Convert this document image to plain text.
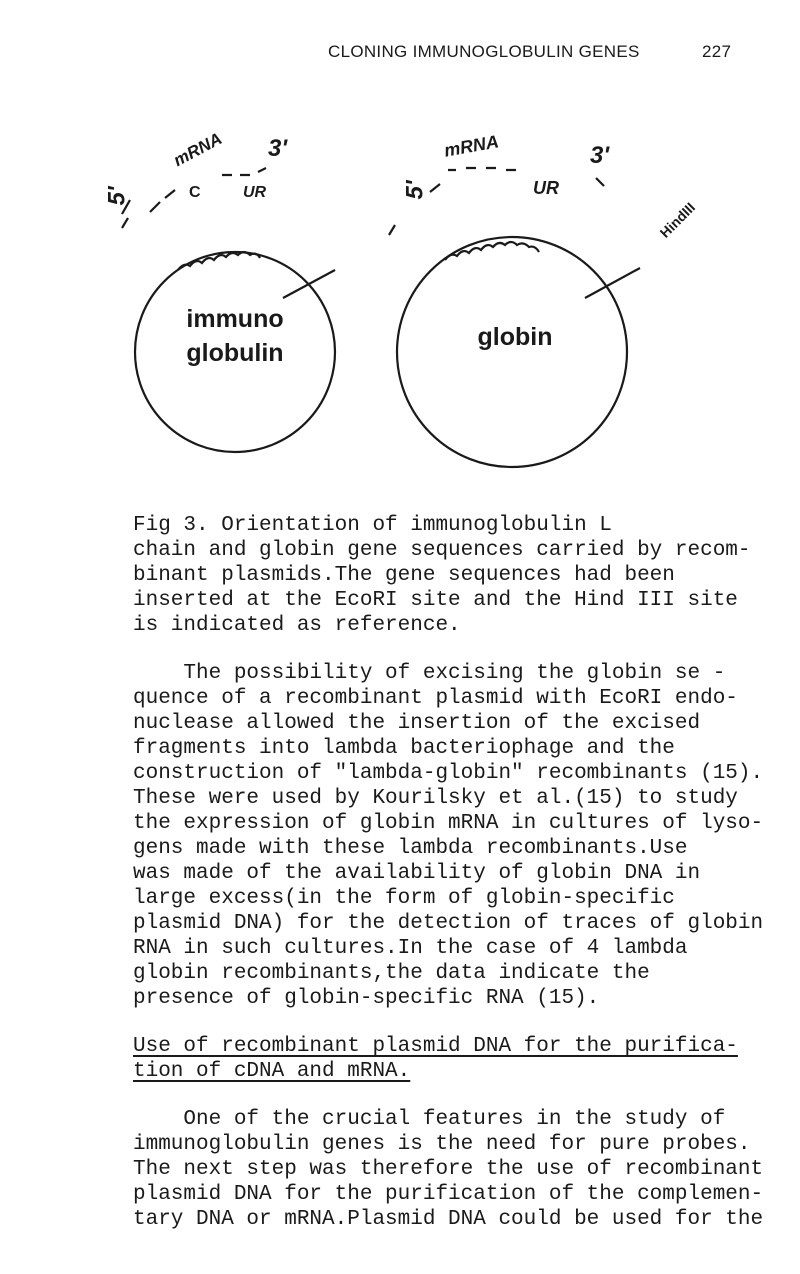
CLONING IMMUNOGLOBULIN GENES	227
immuno
globulin
globin
mRNA 3'
5'	C	UR
mRNA	3'
5'	UR
HindIII
Fig 3. Orientation of immunoglobulin L
chain and globin gene sequences carried by recom-
binant plasmids.The gene sequences had been
inserted at the EcoRI site and the Hind III site
is indicated as reference.
The possibility of excising the globin se -
quence of a recombinant plasmid with EcoRI endo-
nuclease allowed the insertion of the excised
fragments into lambda bacteriophage and the
construction of "lambda-globin" recombinants (15).
These were used by Kourilsky et al.(15) to study
the expression of globin mRNA in cultures of lyso-
gens made with these lambda recombinants.Use
was made of the availability of globin DNA in
large excess(in the form of globin-specific
plasmid DNA) for the detection of traces of globin
RNA in such cultures.In the case of 4 lambda
globin recombinants,the data indicate the
presence of globin-specific RNA (15).
Use of recombinant plasmid DNA for the purifica-
tion of cDNA and mRNA.
One of the crucial features in the study of
immunoglobulin genes is the need for pure probes.
The next step was therefore the use of recombinant
plasmid DNA for the purification of the complemen-
tary DNA or mRNA.Plasmid DNA could be used for the
